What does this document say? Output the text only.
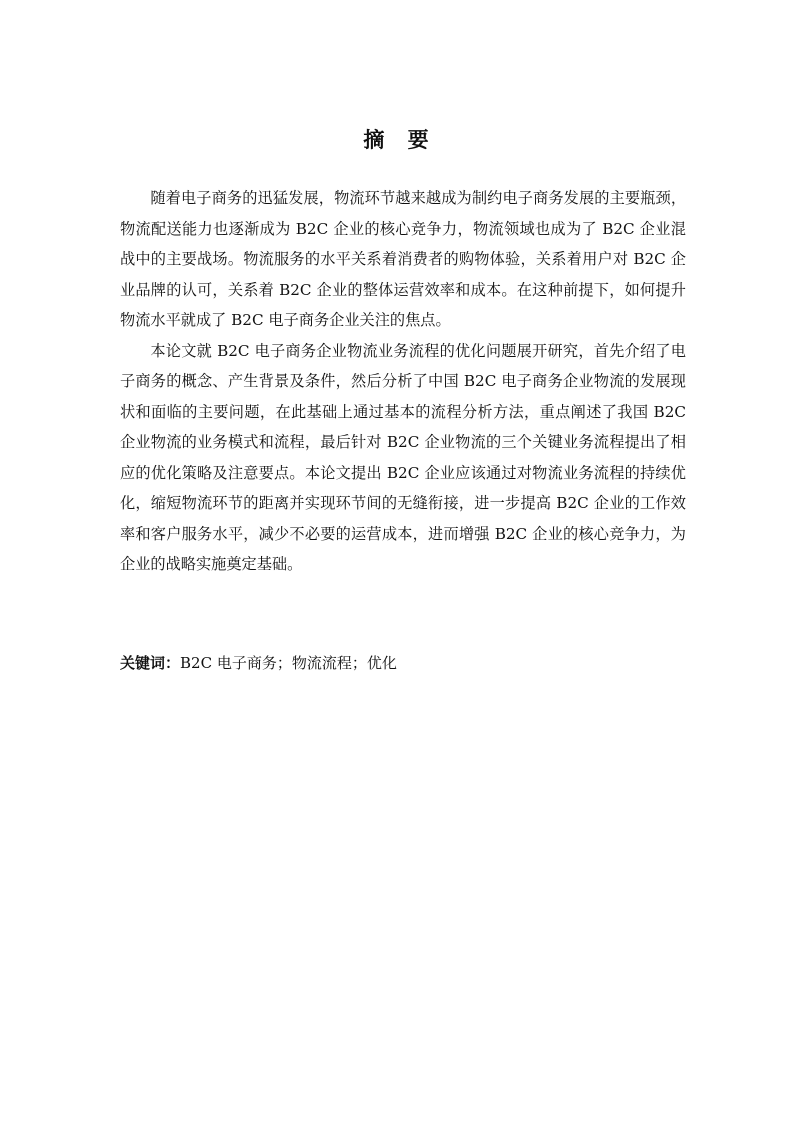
摘 要

随着电子商务的迅猛发展，物流环节越来越成为制约电子商务发展的主要瓶颈，物流配送能力也逐渐成为 B2C 企业的核心竞争力，物流领域也成为了 B2C 企业混战中的主要战场。物流服务的水平关系着消费者的购物体验，关系着用户对 B2C 企业品牌的认可，关系着 B2C 企业的整体运营效率和成本。在这种前提下，如何提升物流水平就成了 B2C 电子商务企业关注的焦点。

本论文就 B2C 电子商务企业物流业务流程的优化问题展开研究，首先介绍了电子商务的概念、产生背景及条件，然后分析了中国 B2C 电子商务企业物流的发展现状和面临的主要问题，在此基础上通过基本的流程分析方法，重点阐述了我国 B2C 企业物流的业务模式和流程，最后针对 B2C 企业物流的三个关键业务流程提出了相应的优化策略及注意要点。本论文提出 B2C 企业应该通过对物流业务流程的持续优化，缩短物流环节的距离并实现环节间的无缝衔接，进一步提高 B2C 企业的工作效率和客户服务水平，减少不必要的运营成本，进而增强 B2C 企业的核心竞争力，为企业的战略实施奠定基础。

关键词：B2C 电子商务；物流流程；优化
